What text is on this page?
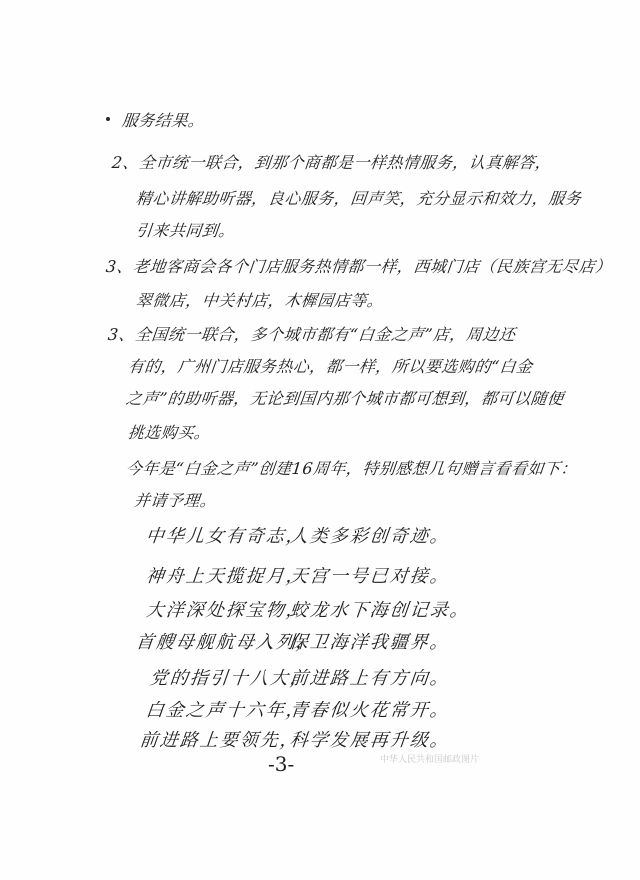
服务结果。
2、全市统一联合，到那个商都是一样热情服务，认真解答，
精心讲解助听器，良心服务，回声笑，充分显示和效力，服务
引来共同到。
3、老地客商会各个门店服务热情都一样，西城门店（民族宫无尽店）
翠微店，中关村店，木樨园店等。
3、全国统一联合，多个城市都有“白金之声”店，周边还
有的，广州门店服务热心，都一样，所以要选购的“白金
之声”的助听器，无论到国内那个城市都可想到，都可以随便
挑选购买。
今年是“白金之声”创建16周年，特别感想几句赠言看看如下：
并请予理。
中华儿女有奇志，
人类多彩创奇迹。
神舟上天揽捉月，
天宫一号已对接。
大洋深处探宝物，
蛟龙水下海创记录。
首艘母舰航母入列，
保卫海洋我疆界。
党的指引十八大，
前进路上有方向。
白金之声十六年，
青春似火花常开。
前进路上要领先，
科学发展再升级。
-3-	中华人民共和国邮政图片
